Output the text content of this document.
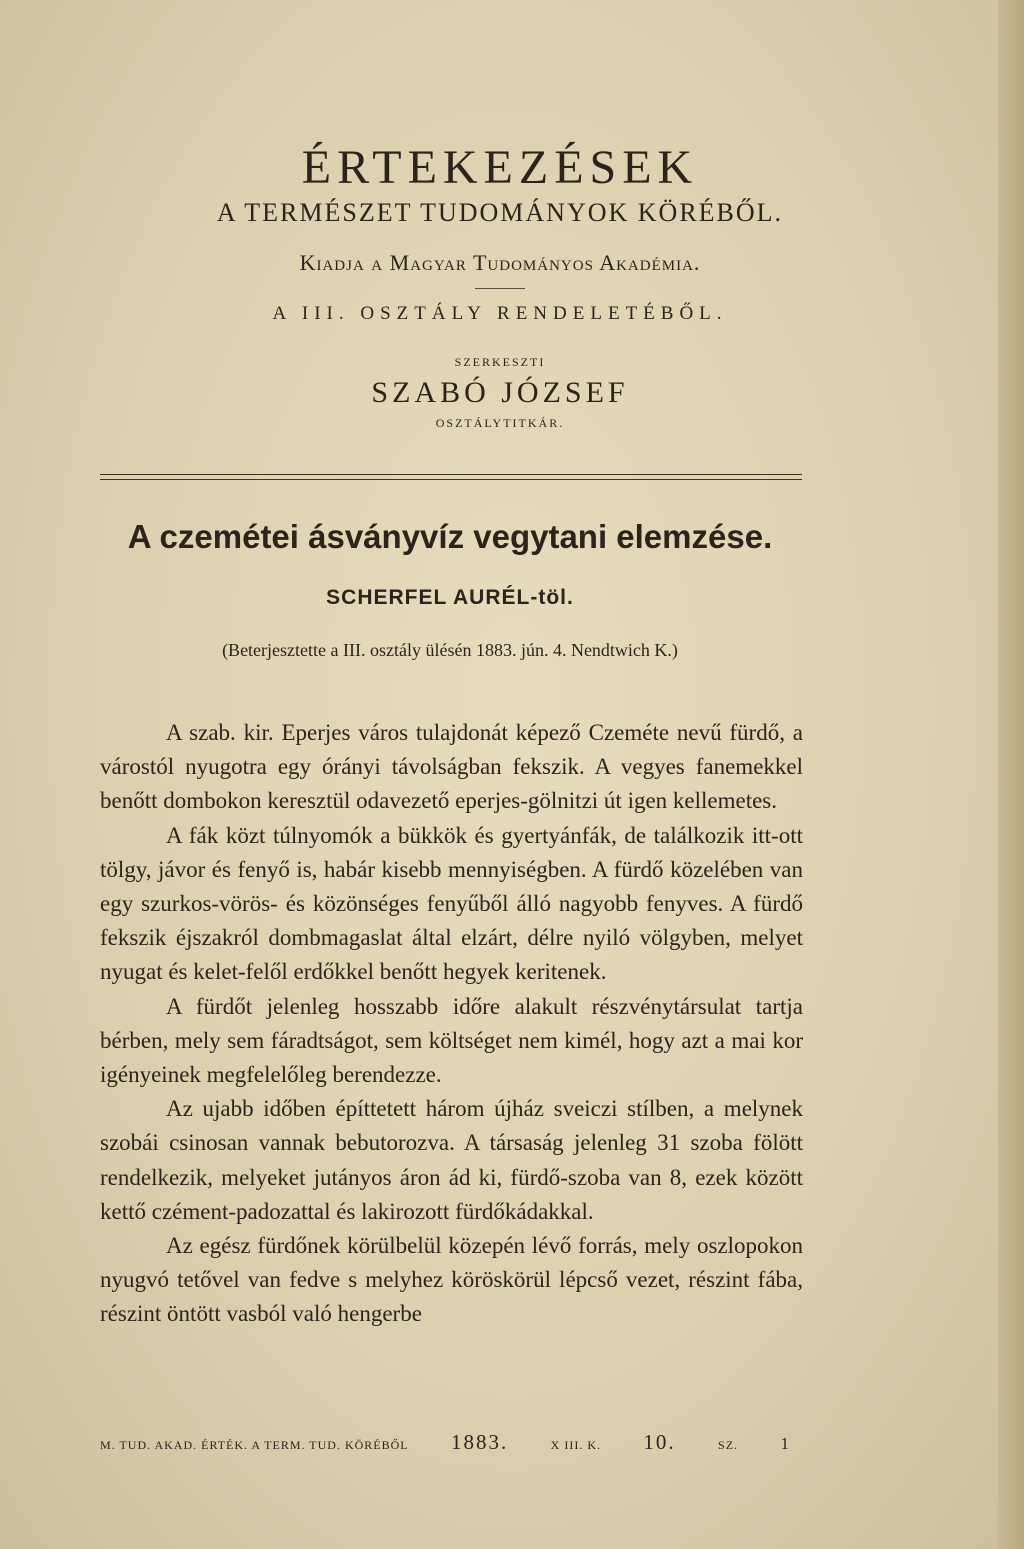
ÉRTEKEZÉSEK
A TERMÉSZET TUDOMÁNYOK KÖRÉBŐL.
Kiadja a Magyar Tudományos Akadémia.
A III. OSZTÁLY RENDELETÉBŐL.
SZERKESZTI
SZABÓ JÓZSEF
OSZTÁLYTITKÁR.
A czemétei ásványvíz vegytani elemzése.
SCHERFEL AURÉL-töl.
(Beterjesztette a III. osztály ülésén 1883. jún. 4. Nendtwich K.)

A szab. kir. Eperjes város tulajdonát képező Czeméte nevű fürdő, a várostól nyugotra egy órányi távolságban fekszik. A vegyes fanemekkel benőtt dombokon keresztül odavezető eperjes-gölnitzi út igen kellemetes.

A fák közt túlnyomók a bükkök és gyertyánfák, de találkozik itt-ott tölgy, jávor és fenyő is, habár kisebb mennyiségben. A fürdő közelében van egy szurkos-vörös- és közönséges fenyűből álló nagyobb fenyves. A fürdő fekszik éjszakról dombmagaslat által elzárt, délre nyiló völgyben, melyet nyugat és kelet-felől erdőkkel benőtt hegyek keritenek.

A fürdőt jelenleg hosszabb időre alakult részvénytársulat tartja bérben, mely sem fáradtságot, sem költséget nem kimél, hogy azt a mai kor igényeinek megfelelőleg berendezze.

Az ujabb időben építtetett három újház sveiczi stílben, a melynek szobái csinosan vannak bebutorozva. A társaság jelenleg 31 szoba fölött rendelkezik, melyeket jutányos áron ád ki, fürdő-szoba van 8, ezek között kettő czément-padozattal és lakirozott fürdőkádakkal.

Az egész fürdőnek körülbelül közepén lévő forrás, mely oszlopokon nyugvó tetővel van fedve s melyhez köröskörül lépcső vezet, részint fába, részint öntött vasból való hengerbe

M. TUD. AKAD. ÉRTÉK. A TERM. TUD. KÖRÉBŐL 1883.	X III. K. 10.	SZ. 1
